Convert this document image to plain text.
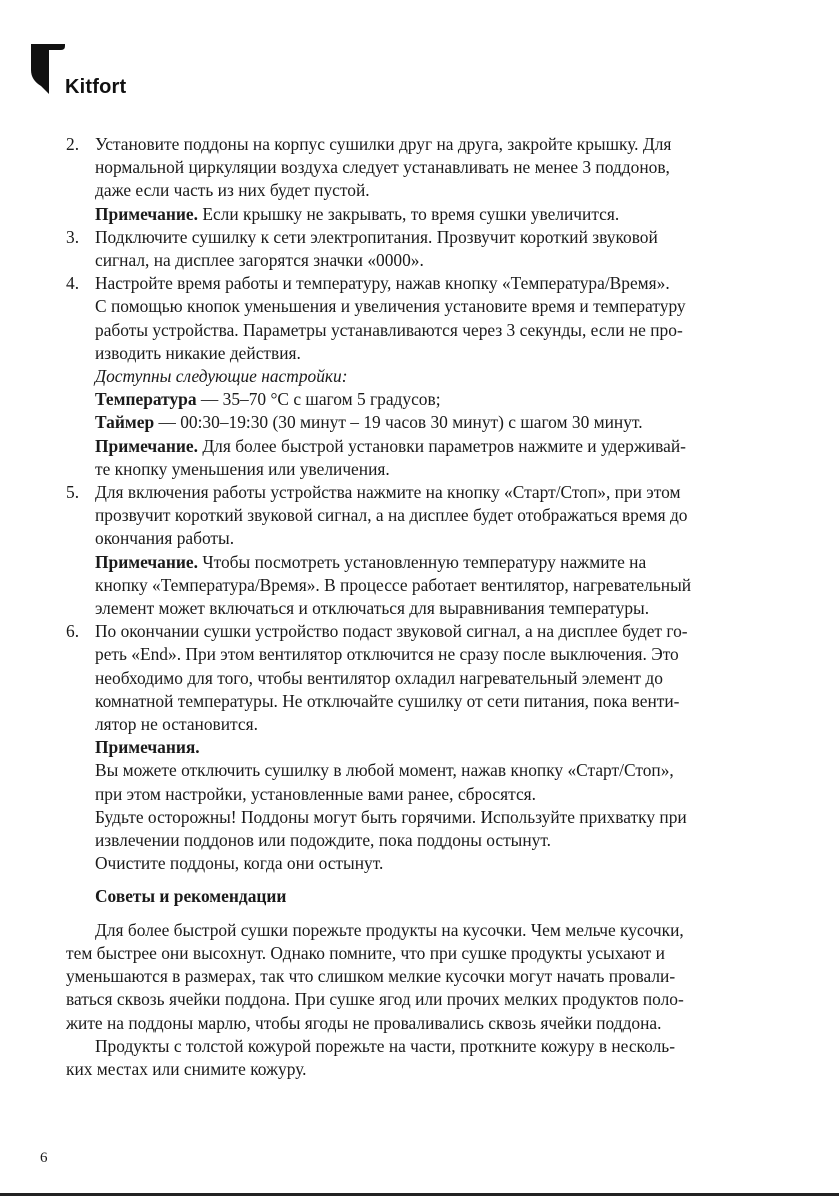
Kitfort
2. Установите поддоны на корпус сушилки друг на друга, закройте крышку. Для
нормальной циркуляции воздуха следует устанавливать не менее 3 поддонов,
даже если часть из них будет пустой.
Примечание. Если крышку не закрывать, то время сушки увеличится.
3. Подключите сушилку к сети электропитания. Прозвучит короткий звуковой
сигнал, на дисплее загорятся значки «0000».
4. Настройте время работы и температуру, нажав кнопку «Температура/Время».
С помощью кнопок уменьшения и увеличения установите время и температуру
работы устройства. Параметры устанавливаются через 3 секунды, если не про-
изводить никакие действия.
Доступны следующие настройки:
Температура — 35–70 °C с шагом 5 градусов;
Таймер — 00:30–19:30 (30 минут – 19 часов 30 минут) с шагом 30 минут.
Примечание. Для более быстрой установки параметров нажмите и удерживай-
те кнопку уменьшения или увеличения.
5. Для включения работы устройства нажмите на кнопку «Старт/Стоп», при этом
прозвучит короткий звуковой сигнал, а на дисплее будет отображаться время до
окончания работы.
Примечание. Чтобы посмотреть установленную температуру нажмите на
кнопку «Температура/Время». В процессе работает вентилятор, нагревательный
элемент может включаться и отключаться для выравнивания температуры.
6. По окончании сушки устройство подаст звуковой сигнал, а на дисплее будет го-
реть «End». При этом вентилятор отключится не сразу после выключения. Это
необходимо для того, чтобы вентилятор охладил нагревательный элемент до
комнатной температуры. Не отключайте сушилку от сети питания, пока венти-
лятор не остановится.
Примечания.
Вы можете отключить сушилку в любой момент, нажав кнопку «Старт/Стоп»,
при этом настройки, установленные вами ранее, сбросятся.
Будьте осторожны! Поддоны могут быть горячими. Используйте прихватку при
извлечении поддонов или подождите, пока поддоны остынут.
Очистите поддоны, когда они остынут.
Советы и рекомендации
Для более быстрой сушки порежьте продукты на кусочки. Чем мельче кусочки,
тем быстрее они высохнут. Однако помните, что при сушке продукты усыхают и
уменьшаются в размерах, так что слишком мелкие кусочки могут начать провали-
ваться сквозь ячейки поддона. При сушке ягод или прочих мелких продуктов поло-
жите на поддоны марлю, чтобы ягоды не проваливались сквозь ячейки поддона.
Продукты с толстой кожурой порежьте на части, проткните кожуру в несколь-
ких местах или снимите кожуру.
6
